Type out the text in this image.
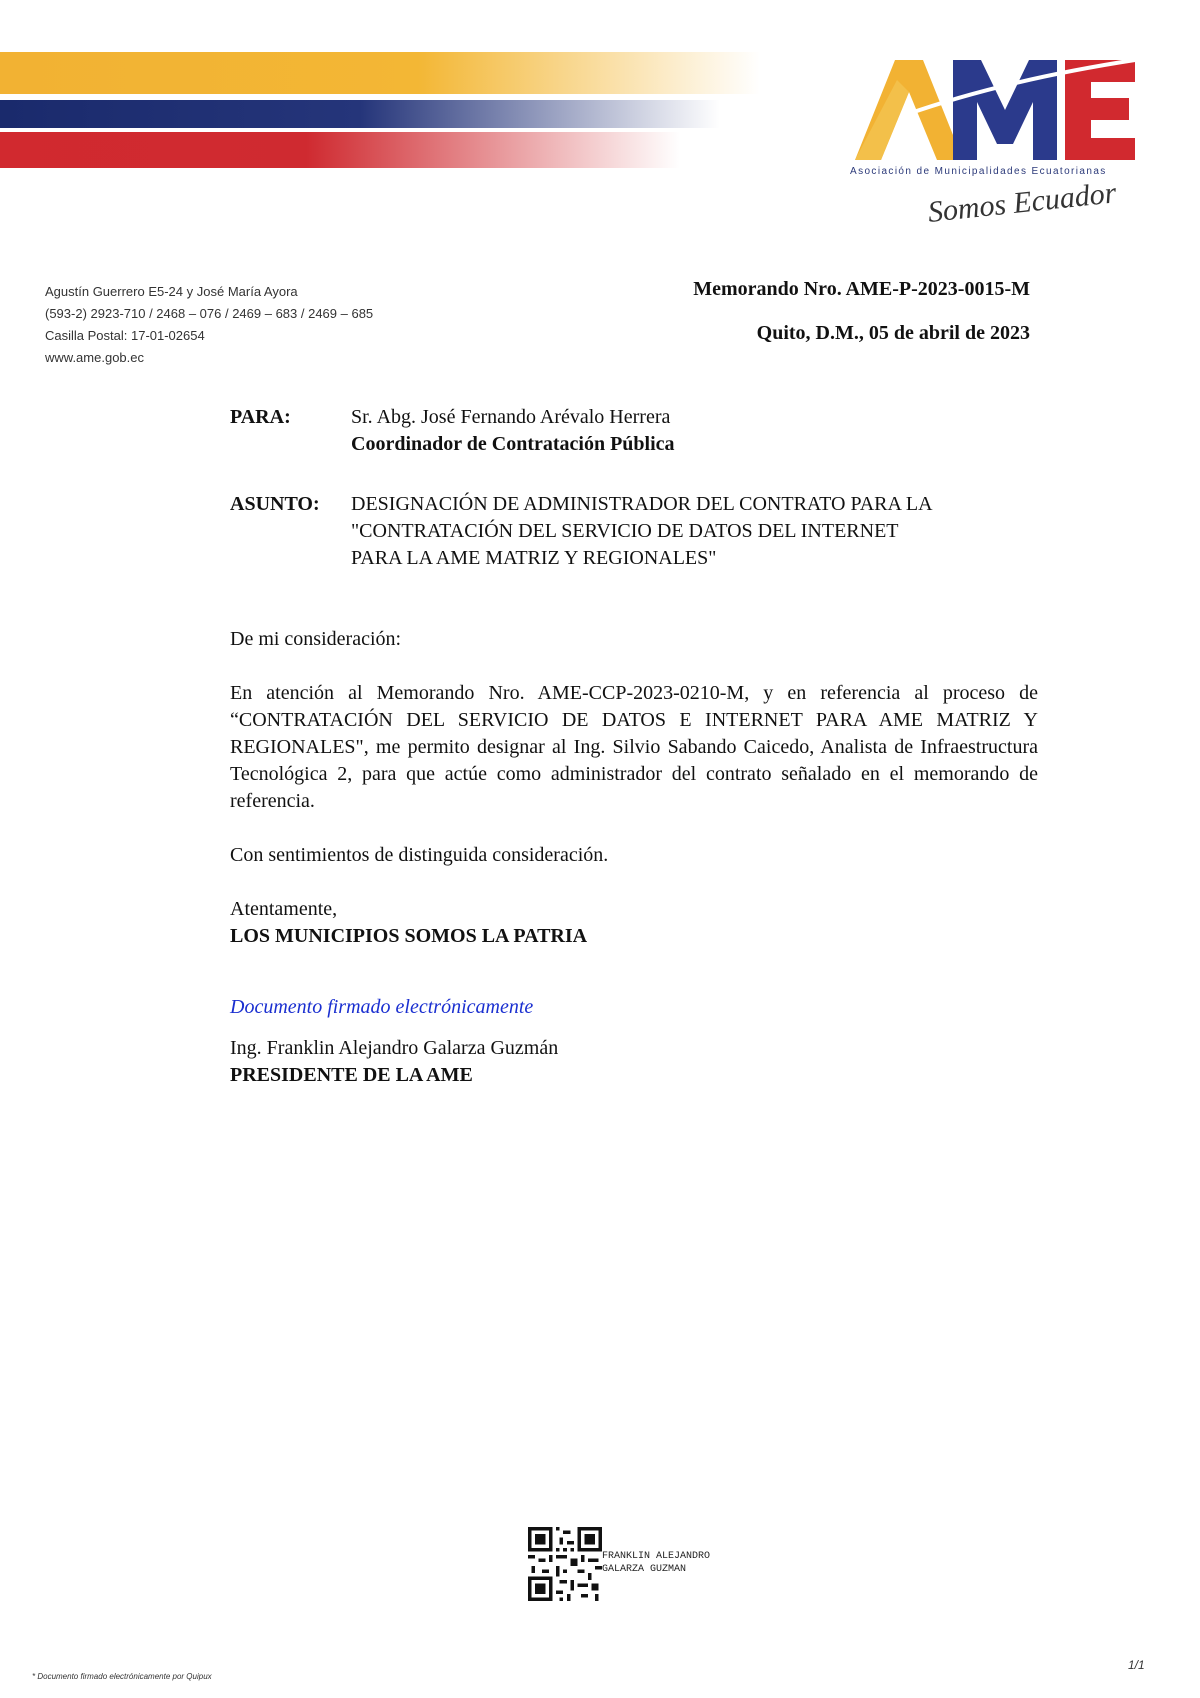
Asociación de Municipalidades Ecuatorianas
Somos Ecuador
Agustín Guerrero E5-24 y José María Ayora
(593-2) 2923-710 / 2468 – 076 / 2469 – 683 / 2469 – 685
Casilla Postal: 17-01-02654
www.ame.gob.ec
Memorando Nro. AME-P-2023-0015-M
Quito, D.M., 05 de abril de 2023
PARA:	Sr. Abg. José Fernando Arévalo Herrera
Coordinador de Contratación Pública
ASUNTO: DESIGNACIÓN DE ADMINISTRADOR DEL CONTRATO PARA LA
"CONTRATACIÓN DEL SERVICIO DE DATOS DEL INTERNET
PARA LA AME MATRIZ Y REGIONALES"
De mi consideración:
En atención al Memorando Nro. AME-CCP-2023-0210-M, y en referencia al proceso de “CONTRATACIÓN DEL SERVICIO DE DATOS E INTERNET PARA AME MATRIZ Y REGIONALES", me permito designar al Ing. Silvio Sabando Caicedo, Analista de Infraestructura Tecnológica 2, para que actúe como administrador del contrato señalado en el memorando de referencia.
Con sentimientos de distinguida consideración.
Atentamente,
LOS MUNICIPIOS SOMOS LA PATRIA
Documento firmado electrónicamente
Ing. Franklin Alejandro Galarza Guzmán
PRESIDENTE DE LA AME
FRANKLIN ALEJANDRO
GALARZA GUZMAN
* Documento firmado electrónicamente por Quipux
1/1
